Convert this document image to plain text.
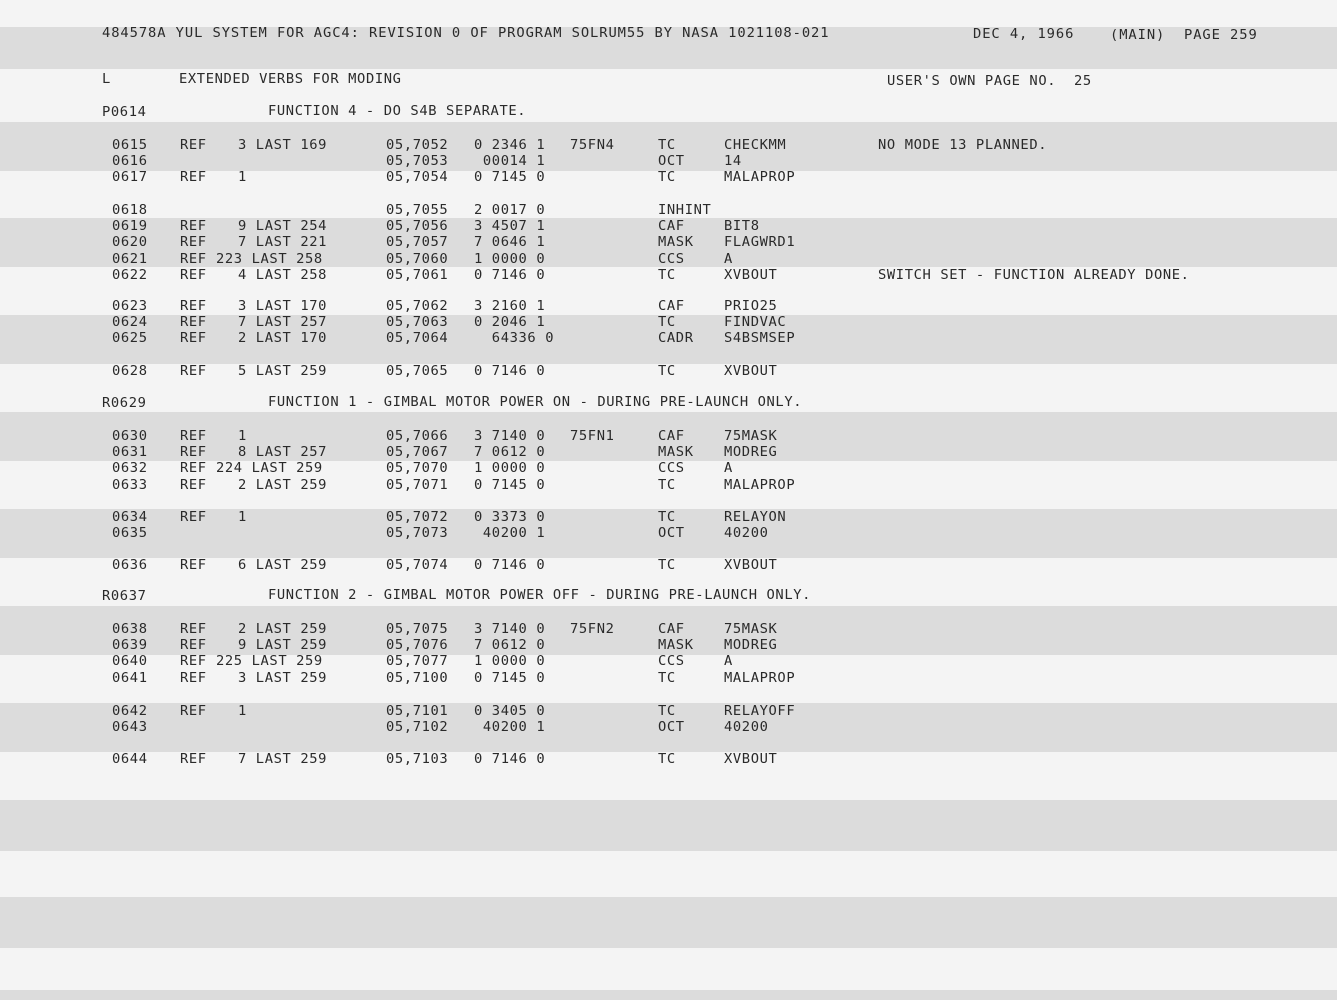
484578A YUL SYSTEM FOR AGC4: REVISION 0 OF PROGRAM SOLRUM55 BY NASA 1021108-021	DEC 4, 1966	(MAIN) PAGE 259
L	EXTENDED VERBS FOR MODING	USER'S OWN PAGE NO.  25
P0614	FUNCTION 4 - DO S4B SEPARATE.
0615 REF 3 LAST 169	05,7052 0 2346 1 75FN4	TC	CHECKMM	NO MODE 13 PLANNED.
0616	05,7053 00014 1	OCT	14
0617 REF 1	05,7054 0 7145 0	TC	MALAPROP
0618	05,7055 2 0017 0	INHINT
0619 REF 9 LAST 254	05,7056 3 4507 1	CAF	BIT8
0620 REF 7 LAST 221	05,7057 7 0646 1	MASK FLAGWRD1
0621 REF 223 LAST 258	05,7060 1 0000 0	CCS	A
0622 REF 4 LAST 258	05,7061 0 7146 0	TC	XVBOUT	SWITCH SET - FUNCTION ALREADY DONE.
0623 REF 3 LAST 170	05,7062 3 2160 1	CAF	PRIO25
0624 REF 7 LAST 257	05,7063 0 2046 1	TC	FINDVAC
0625 REF 2 LAST 170	05,7064 64336 0	CADR S4BSMSEP
0628 REF 5 LAST 259	05,7065 0 7146 0	TC	XVBOUT
R0629	FUNCTION 1 - GIMBAL MOTOR POWER ON - DURING PRE-LAUNCH ONLY.
0630 REF 1	05,7066 3 7140 0 75FN1	CAF	75MASK
0631 REF 8 LAST 257	05,7067 7 0612 0	MASK MODREG
0632 REF 224 LAST 259	05,7070 1 0000 0	CCS	A
0633 REF 2 LAST 259	05,7071 0 7145 0	TC	MALAPROP
0634 REF 1	05,7072 0 3373 0	TC	RELAYON
0635	05,7073 40200 1	OCT	40200
0636 REF 6 LAST 259	05,7074 0 7146 0	TC	XVBOUT
R0637	FUNCTION 2 - GIMBAL MOTOR POWER OFF - DURING PRE-LAUNCH ONLY.
0638 REF 2 LAST 259	05,7075 3 7140 0 75FN2	CAF	75MASK
0639 REF 9 LAST 259	05,7076 7 0612 0	MASK MODREG
0640 REF 225 LAST 259	05,7077 1 0000 0	CCS	A
0641 REF 3 LAST 259	05,7100 0 7145 0	TC	MALAPROP
0642 REF 1	05,7101 0 3405 0	TC	RELAYOFF
0643	05,7102 40200 1	OCT	40200
0644 REF 7 LAST 259	05,7103 0 7146 0	TC	XVBOUT
